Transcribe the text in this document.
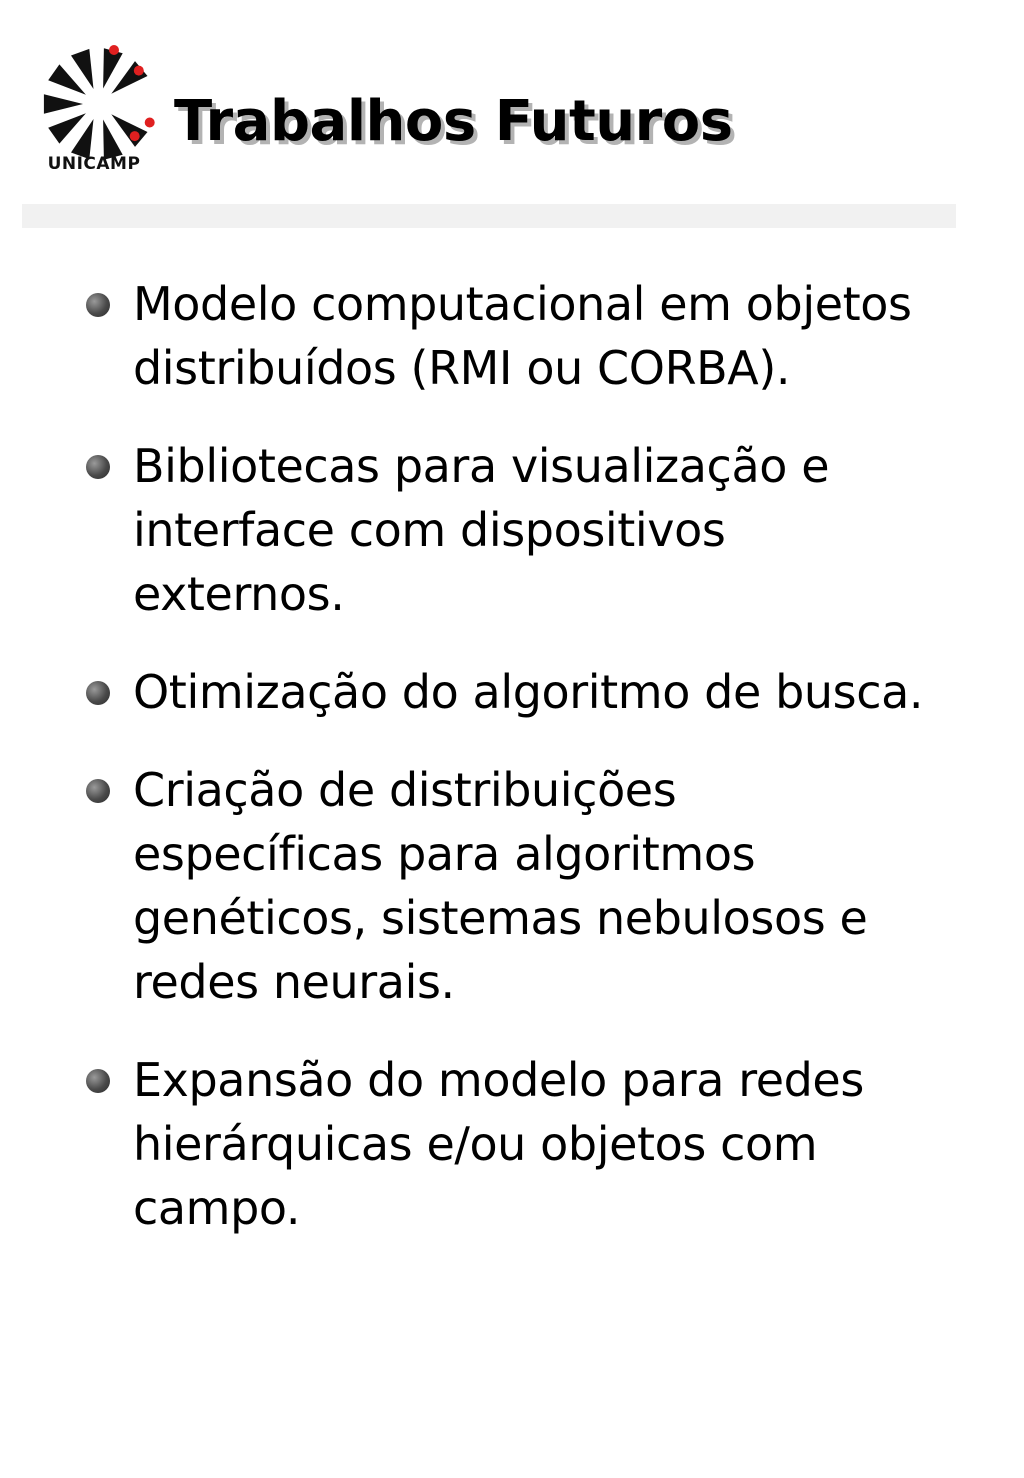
UNICAMP
Trabalhos Futuros
Modelo computacional em objetos
distribuídos (RMI ou CORBA).
Bibliotecas para visualização e
interface com dispositivos
externos.
Otimização do algoritmo de busca.
Criação de distribuições
específicas para algoritmos
genéticos, sistemas nebulosos e
redes neurais.
Expansão do modelo para redes
hierárquicas e/ou objetos com
campo.
